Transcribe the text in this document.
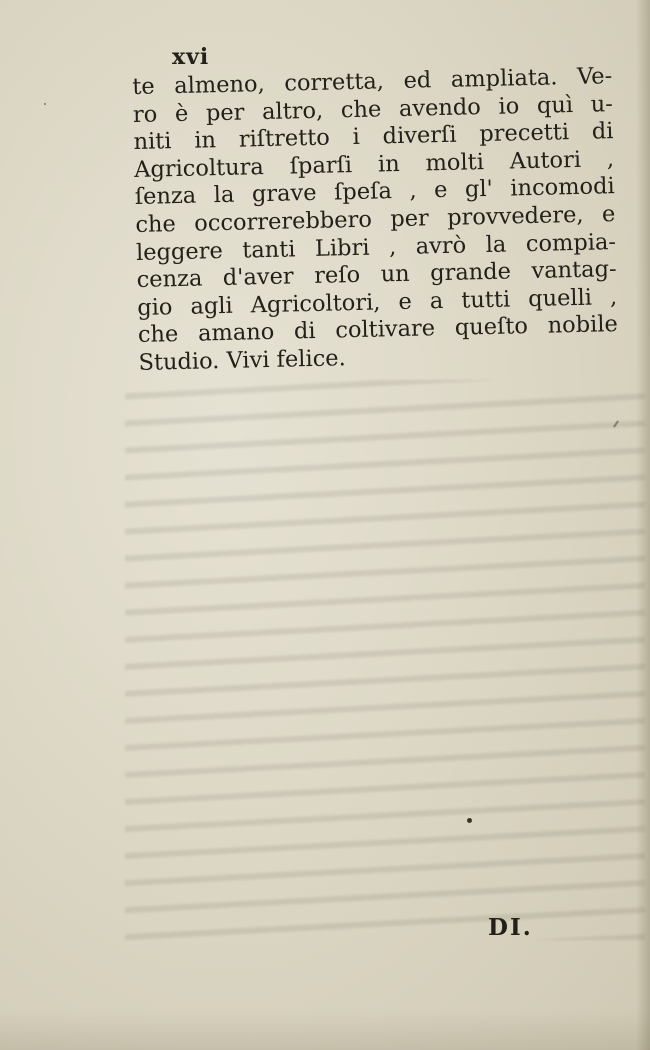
xvi
te almeno, corretta, ed ampliata. Ve-
ro è per altro, che avendo io quì u-
niti in riſtretto i diverſi precetti di
Agricoltura ſparſi in molti Autori ,
ſenza la grave ſpeſa , e gl' incomodi
che occorrerebbero per provvedere, e
leggere tanti Libri , avrò la compia-
cenza d'aver reſo un grande vantag-
gio agli Agricoltori, e a tutti quelli ,
che amano di coltivare queſto nobile
Studio. Vivi felice.
DI.
